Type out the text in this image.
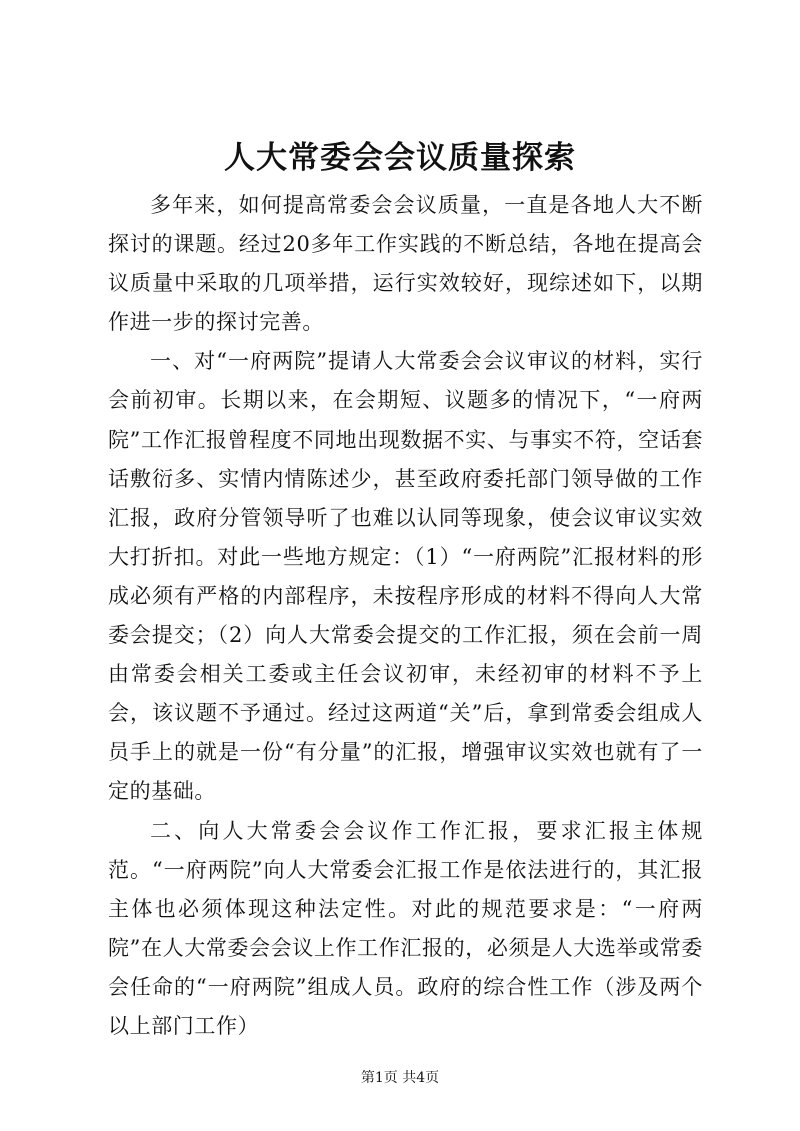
人大常委会会议质量探索

多年来，如何提高常委会会议质量，一直是各地人大不断探讨的课题。经过20多年工作实践的不断总结，各地在提高会议质量中采取的几项举措，运行实效较好，现综述如下，以期作进一步的探讨完善。

一、对“一府两院”提请人大常委会会议审议的材料，实行会前初审。长期以来，在会期短、议题多的情况下，“一府两院”工作汇报曾程度不同地出现数据不实、与事实不符，空话套话敷衍多、实情内情陈述少，甚至政府委托部门领导做的工作汇报，政府分管领导听了也难以认同等现象，使会议审议实效大打折扣。对此一些地方规定：（1）“一府两院”汇报材料的形成必须有严格的内部程序，未按程序形成的材料不得向人大常委会提交；（2）向人大常委会提交的工作汇报，须在会前一周由常委会相关工委或主任会议初审，未经初审的材料不予上会，该议题不予通过。经过这两道“关”后，拿到常委会组成人员手上的就是一份“有分量”的汇报，增强审议实效也就有了一定的基础。

二、向人大常委会会议作工作汇报，要求汇报主体规范。“一府两院”向人大常委会汇报工作是依法进行的，其汇报主体也必须体现这种法定性。对此的规范要求是：“一府两院”在人大常委会会议上作工作汇报的，必须是人大选举或常委会任命的“一府两院”组成人员。政府的综合性工作（涉及两个以上部门工作）

第1页 共4页
